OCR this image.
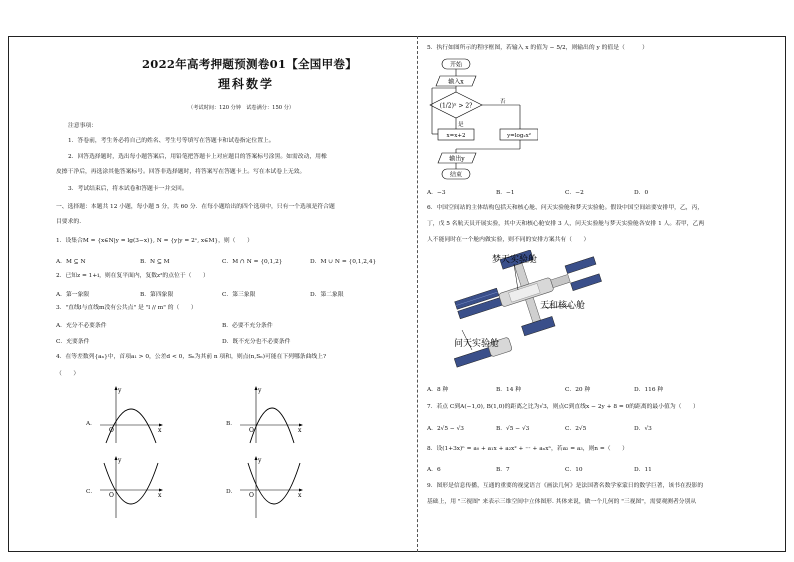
2022年高考押题预测卷01【全国甲卷】
理科数学
（考试时间：120 分钟　试卷满分：150 分）
注意事项：
1．答卷前，考生务必将自己的姓名、考生号等填写在答题卡和试卷指定位置上。
2．回答选择题时，选出每小题答案后，用铅笔把答题卡上对应题目的答案标号涂黑。如需改动，用橡
皮擦干净后，再选涂其他答案标号。回答非选择题时，将答案写在答题卡上。写在本试卷上无效。
3．考试结束后，将本试卷和答题卡一并交回。
一、选择题：本题共 12 小题，每小题 5 分，共 60 分．在每小题给出的四个选项中，只有一个选项是符合题
目要求的.
1．设集合M = {x∈N|y = lg(3−x)}, N = {y|y = 2ˣ, x∈M}，则（　　）
A．M ⊆ N	B．N ⊆ M	C．M ∩ N = {0,1,2}	D．M ∪ N = {0,1,2,4}
2．已知z = 1+i，则在复平面内，复数z²的点位于（　　）
A．第一象限	B．第四象限	C．第三象限	D．第二象限
3．"直线l与直线m没有公共点" 是 "l // m" 的（　　）
A．充分不必要条件	B．必要不充分条件
C．充要条件	D．既不充分也不必要条件
4．在等差数列{aₙ}中，首项a₁ > 0，公差d < 0，Sₙ为其前 n 项和，则点(n,Sₙ)可能在下列哪条曲线上?
（　　）
A．
y
x
O
B．
y
x
O
C．
y
x
O	D．
y
x
O
5．执行如图所示的程序框图，若输入 x 的值为 − 5/2，则输出的 y 的值是（　　　）
开始
输入x
(1/2)ˣ > 2?
否
y=log₂x²
是
x=x+2
输出y
结束
A．−3	B．−1	C．−2	D．0
6．中国空间站的主体结构包括天和核心舱、问天实验舱和梦天实验舱。假设中国空间站要安排甲，乙，丙，
丁，戊 5 名航天员开展实验，其中天和核心舱安排 3 人，问天实验舱与梦天实验舱各安排 1 人。若甲，乙两
人不能同时在一个舱内做实验，则不同的安排方案共有（　　）
梦天实验舱
天和核心舱
问天实验舱
A．8 种	B．14 种	C．20 种	D．116 种
7．若点 C到A(−1,0), B(1,0)的距离之比为√3，则点C到直线x − 2y + 8 = 0的距离的最小值为（　　）
A．2√5 − √3	B．√5 − √3	C．2√5	D．√3
8．设(1+3x)ⁿ = a₀ + a₁x + a₂x² + ··· + aₙxⁿ，若a₂ = a₃，则n =（　　）
A．6	B．7	C．10	D．11
9．图形是信息传播，互通的重要的视觉语言《画法几何》是法国著名数学家蒙日的数学巨著，该书在投影的
基础上，用 "三视图" 来表示三维空间中立体图形. 其体来说，做一个几何的 "三视图"，需要观测者分别从
